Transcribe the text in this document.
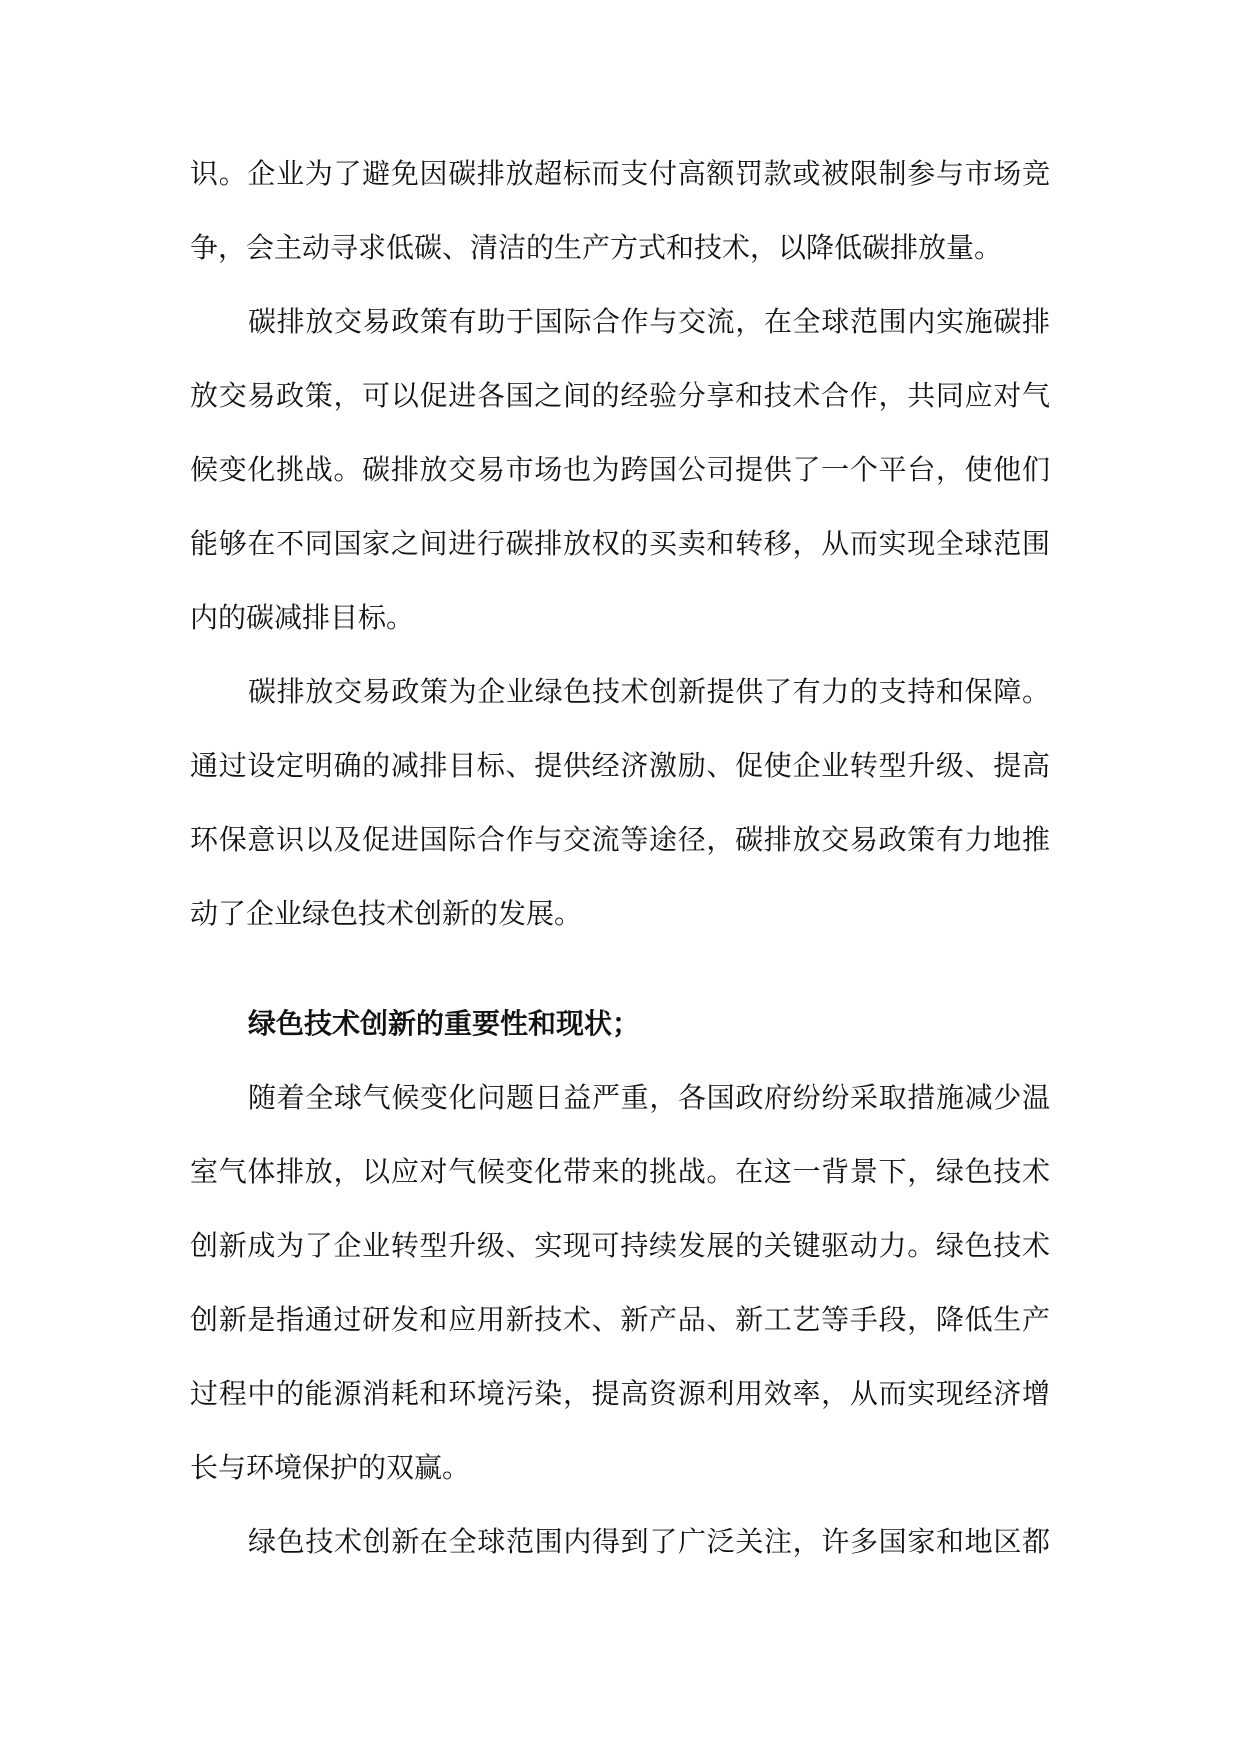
识。企业为了避免因碳排放超标而支付高额罚款或被限制参与市场竞
争，会主动寻求低碳、清洁的生产方式和技术，以降低碳排放量。
碳排放交易政策有助于国际合作与交流，在全球范围内实施碳排
放交易政策，可以促进各国之间的经验分享和技术合作，共同应对气
候变化挑战。碳排放交易市场也为跨国公司提供了一个平台，使他们
能够在不同国家之间进行碳排放权的买卖和转移，从而实现全球范围
内的碳减排目标。
碳排放交易政策为企业绿色技术创新提供了有力的支持和保障。
通过设定明确的减排目标、提供经济激励、促使企业转型升级、提高
环保意识以及促进国际合作与交流等途径，碳排放交易政策有力地推
动了企业绿色技术创新的发展。
绿色技术创新的重要性和现状；
随着全球气候变化问题日益严重，各国政府纷纷采取措施减少温
室气体排放，以应对气候变化带来的挑战。在这一背景下，绿色技术
创新成为了企业转型升级、实现可持续发展的关键驱动力。绿色技术
创新是指通过研发和应用新技术、新产品、新工艺等手段，降低生产
过程中的能源消耗和环境污染，提高资源利用效率，从而实现经济增
长与环境保护的双赢。
绿色技术创新在全球范围内得到了广泛关注，许多国家和地区都
